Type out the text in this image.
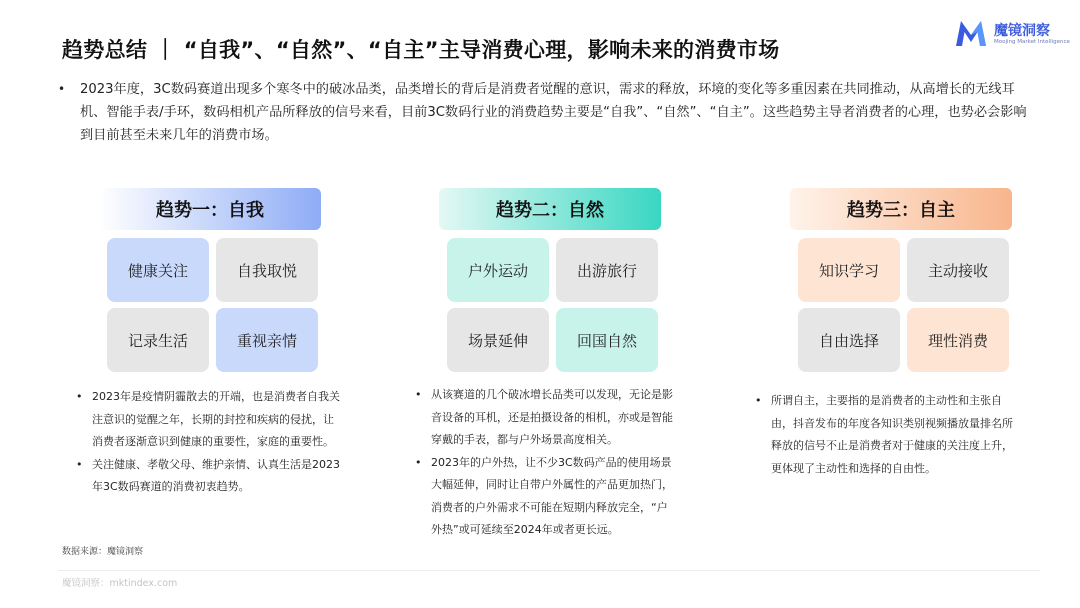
趋势总结 ｜ “自我”、“自然”、“自主”主导消费心理，影响未来的消费市场
魔镜洞察
Moojing Market Intelligence
• 2023年度，3C数码赛道出现多个寒冬中的破冰品类，品类增长的背后是消费者觉醒的意识，需求的释放，环境的变化等多重因素在共同推动，从高增长的无线耳机、智能手表/手环，数码相机产品所释放的信号来看，目前3C数码行业的消费趋势主要是“自我”、“自然”、“自主”。这些趋势主导者消费者的心理，也势必会影响到目前甚至未来几年的消费市场。
趋势一：自我
健康关注	自我取悦
记录生活	重视亲情
趋势二：自然
户外运动	出游旅行
场景延伸	回国自然
趋势三：自主
知识学习	主动接收
自由选择	理性消费
• 2023年是疫情阴霾散去的开端，也是消费者自我关注意识的觉醒之年，长期的封控和疾病的侵扰，让消费者逐渐意识到健康的重要性，家庭的重要性。
• 关注健康、孝敬父母、维护亲情、认真生活是2023年3C数码赛道的消费初衷趋势。
• 从该赛道的几个破冰增长品类可以发现，无论是影音设备的耳机，还是拍摄设备的相机，亦或是智能穿戴的手表，都与户外场景高度相关。
• 2023年的户外热，让不少3C数码产品的使用场景大幅延伸，同时让自带户外属性的产品更加热门，消费者的户外需求不可能在短期内释放完全，“户外热”或可延续至2024年或者更长远。
• 所谓自主，主要指的是消费者的主动性和主张自由，抖音发布的年度各知识类别视频播放量排名所释放的信号不止是消费者对于健康的关注度上升，更体现了主动性和选择的自由性。
数据来源：魔镜洞察
魔镜洞察：mktindex.com
